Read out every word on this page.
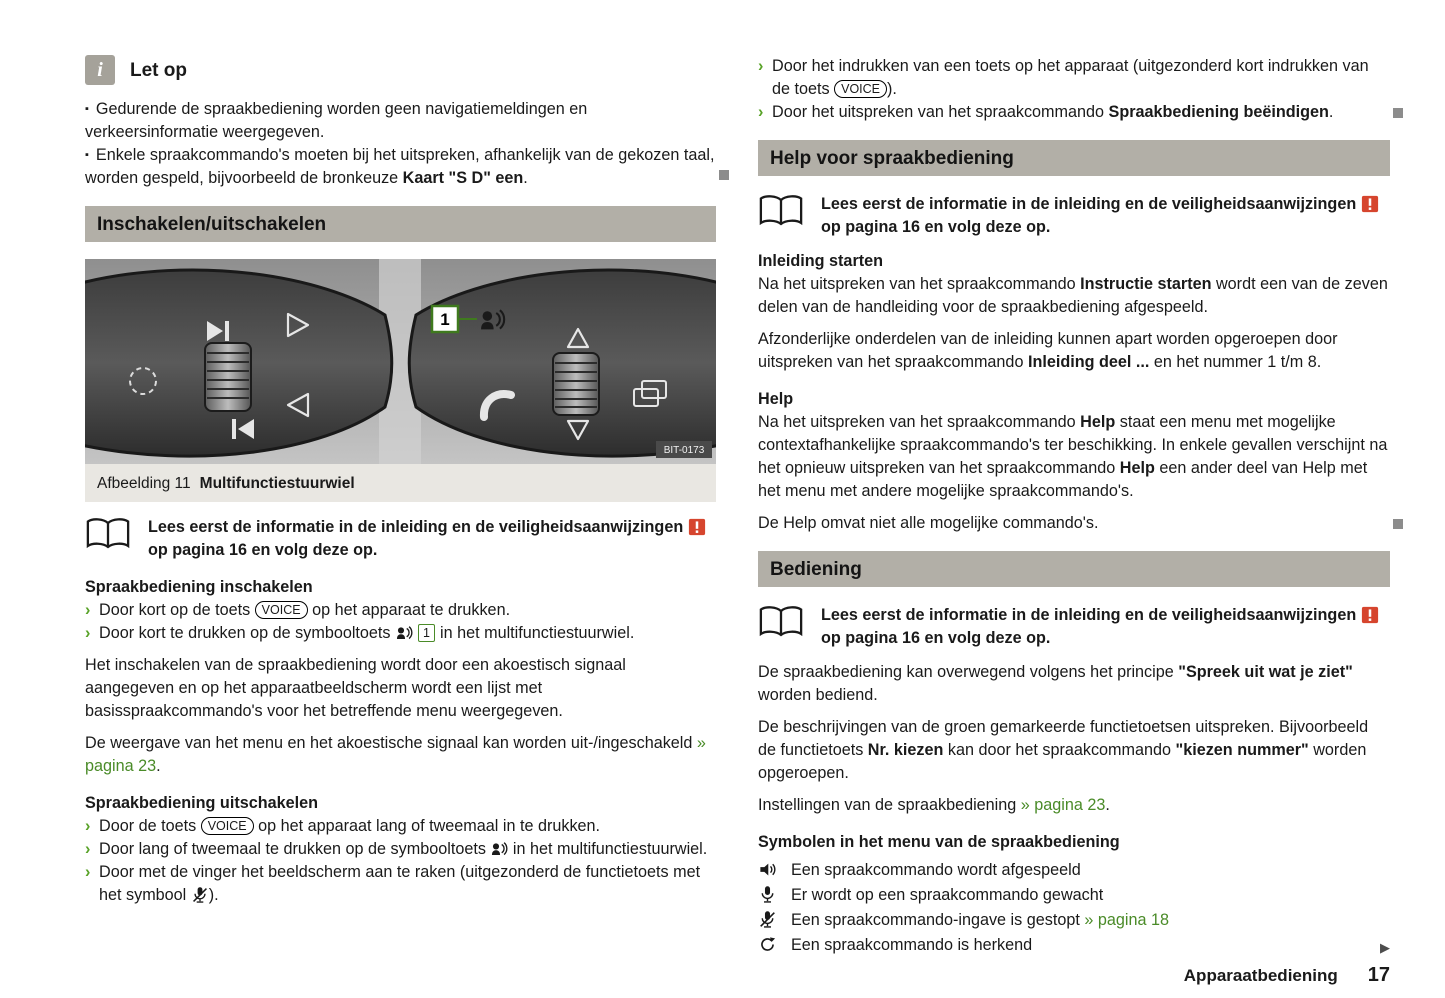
i	Let op

▪ Gedurende de spraakbediening worden geen navigatiemeldingen en verkeersinformatie weergegeven.

▪ Enkele spraakcommando's moeten bij het uitspreken, afhankelijk van de gekozen taal, worden gespeld, bijvoorbeeld de bronkeuze Kaart "S D" een.

Inschakelen/uitschakelen
1
BIT-0173
Afbeelding 11 Multifunctiestuurwiel

Lees eerst de informatie in de inleiding en de veiligheidsaanwijzingen  op pagina 16 en volg deze op.

Spraakbediening inschakelen

› Door kort op de toets VOICE op het apparaat te drukken.

› Door kort te drukken op de symbooltoets  1 in het multifunctiestuurwiel.

Het inschakelen van de spraakbediening wordt door een akoestisch signaal aangegeven en op het apparaatbeeldscherm wordt een lijst met basisspraakcommando's voor het betreffende menu weergegeven.

De weergave van het menu en het akoestische signaal kan worden uit-/ingeschakeld » pagina 23.

Spraakbediening uitschakelen

› Door de toets VOICE op het apparaat lang of tweemaal in te drukken.

› Door lang of tweemaal te drukken op de symbooltoets  in het multifunctiestuurwiel.

› Door met de vinger het beeldscherm aan te raken (uitgezonderd de functietoets met het symbool ).

› Door het indrukken van een toets op het apparaat (uitgezonderd kort indrukken van de toets VOICE ).

› Door het uitspreken van het spraakcommando Spraakbediening beëindigen.

Help voor spraakbediening

Lees eerst de informatie in de inleiding en de veiligheidsaanwijzingen  op pagina 16 en volg deze op.

Inleiding starten

Na het uitspreken van het spraakcommando Instructie starten wordt een van de zeven delen van de handleiding voor de spraakbediening afgespeeld.

Afzonderlijke onderdelen van de inleiding kunnen apart worden opgeroepen door uitspreken van het spraakcommando Inleiding deel ... en het nummer 1 t/m 8.

Help

Na het uitspreken van het spraakcommando Help staat een menu met mogelijke contextafhankelijke spraakcommando's ter beschikking. In enkele gevallen verschijnt na het opnieuw uitspreken van het spraakcommando Help een ander deel van Help met het menu met andere mogelijke spraakcommando's.

De Help omvat niet alle mogelijke commando's.

Bediening

Lees eerst de informatie in de inleiding en de veiligheidsaanwijzingen  op pagina 16 en volg deze op.

De spraakbediening kan overwegend volgens het principe "Spreek uit wat je ziet" worden bediend.

De beschrijvingen van de groen gemarkeerde functietoetsen uitspreken. Bijvoorbeeld de functietoets Nr. kiezen kan door het spraakcommando "kiezen nummer" worden opgeroepen.

Instellingen van de spraakbediening » pagina 23.

Symbolen in het menu van de spraakbediening

Een spraakcommando wordt afgespeeld

Er wordt op een spraakcommando gewacht

Een spraakcommando-ingave is gestopt » pagina 18

Een spraakcommando is herkend	▶
Apparaatbediening 17
